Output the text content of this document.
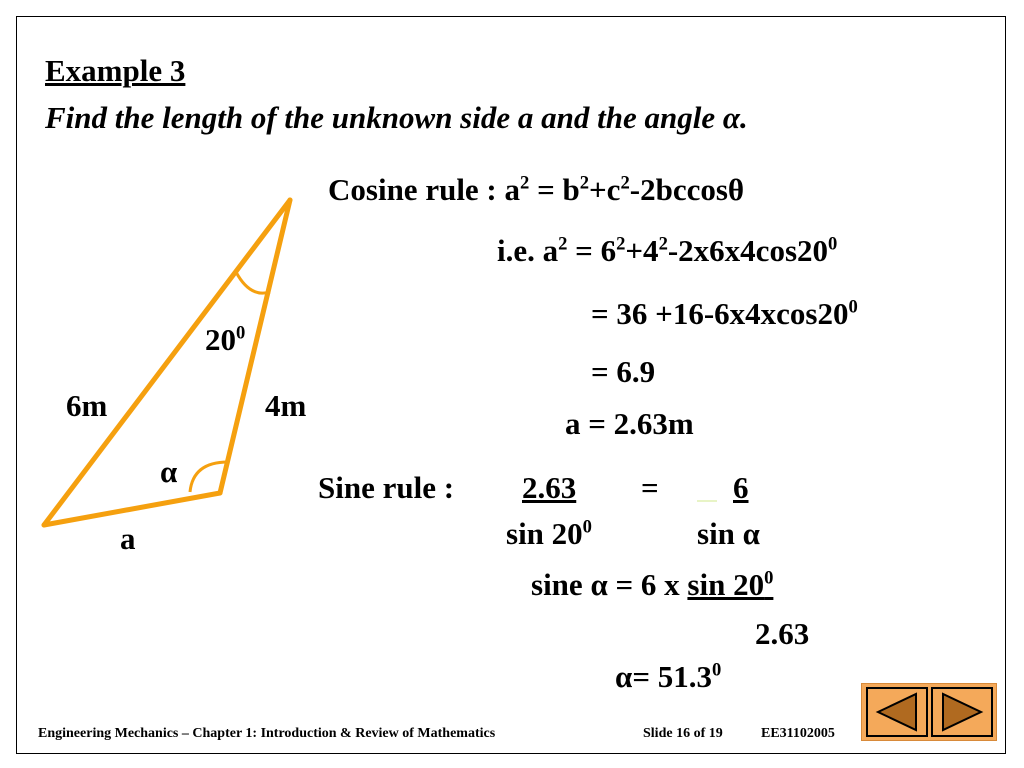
Example 3
Find the length of the unknown side a and the angle α.
$20^0$
6m	4m
α
a
Cosine rule : $a^2 = b^2+c^2-2bccos\theta$
i.e. $a^2 = 6^2+4^2-2x6x4\cos 20^0$
= $36 +16-6x4xcos20^0$
= 6.9
a = 2.63m
Sine rule : 2.63 = 6
$\sin 20^0$	sin α
sine α = 6 x $\sin 20^0$
2.63
$\alpha= 51.3^0$
Engineering Mechanics – Chapter 1: Introduction & Review of Mathematics	Slide 16 of 19	EE31102005
